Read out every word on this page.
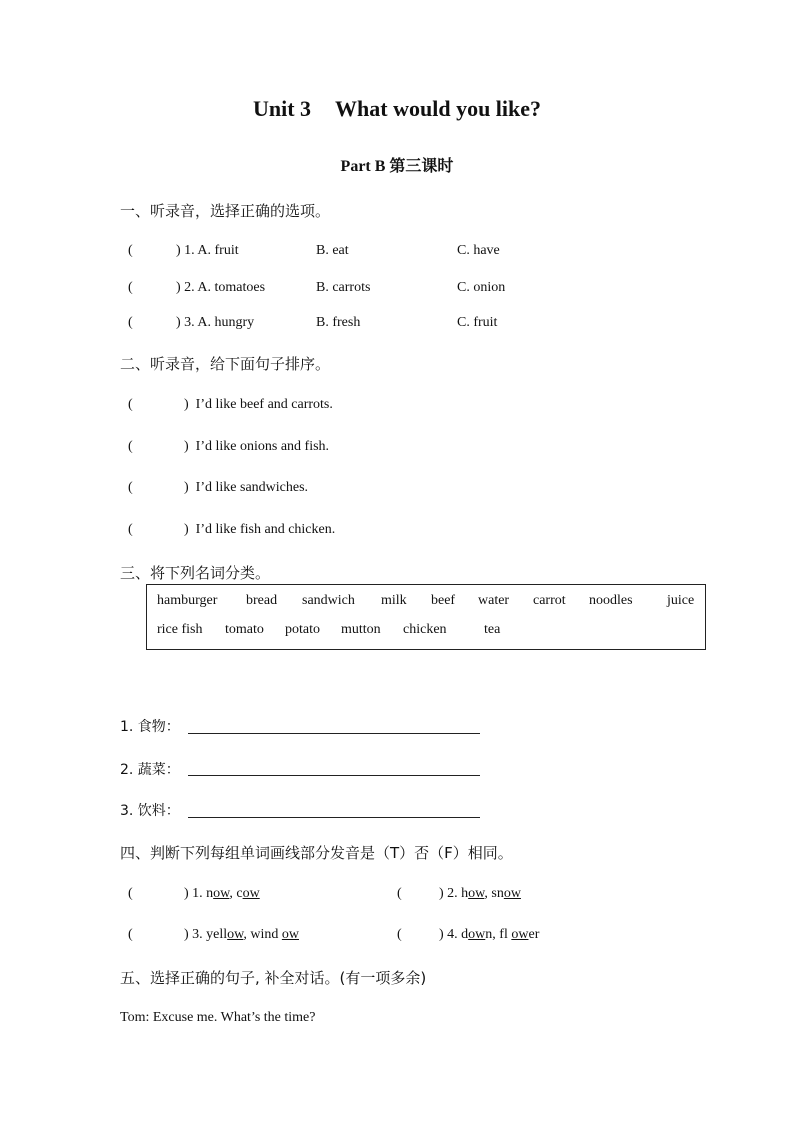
Unit 3 What would you like?
Part B 第三课时
一、听录音，选择正确的选项。
(	) 1. A. fruit	B. eat	C. have
(	) 2. A. tomatoes	B. carrots	C. onion
(	) 3. A. hungry	B. fresh	C. fruit
二、听录音，给下面句子排序。
(	) I’d like beef and carrots.
(	) I’d like onions and fish.
(	) I’d like sandwiches.
(	) I’d like fish and chicken.
三、将下列名词分类。
hamburger bread sandwich milk beef water carrot noodles juice
rice fish tomato potato mutton chicken	tea
1. 食物：
2. 蔬菜：
3. 饮料：
四、判断下列每组单词画线部分发音是（T）否（F）相同。
(	) 1. now, cow	(	) 2. how, snow
(	) 3. yellow, wind ow	(	) 4. down, fl ower
五、选择正确的句子, 补全对话。(有一项多余)
Tom: Excuse me. What’s the time?
